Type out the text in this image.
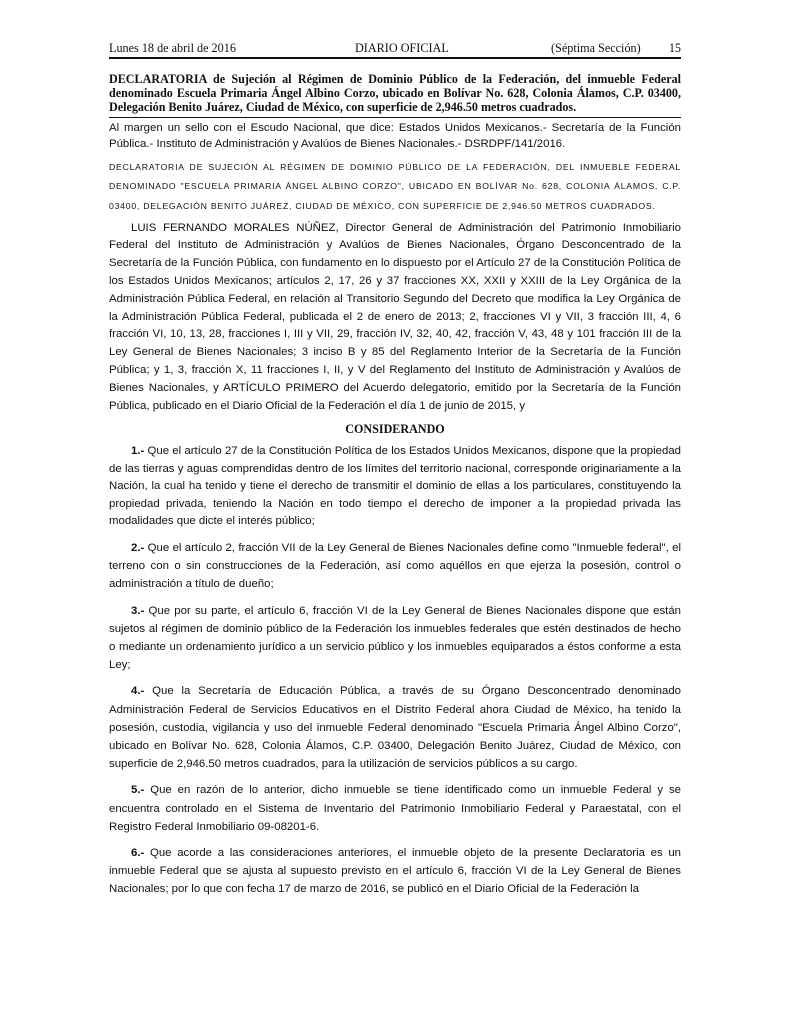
Lunes 18 de abril de 2016	DIARIO OFICIAL	(Séptima Sección) 15
DECLARATORIA de Sujeción al Régimen de Dominio Público de la Federación, del inmueble Federal denominado Escuela Primaria Ángel Albino Corzo, ubicado en Bolívar No. 628, Colonia Álamos, C.P. 03400, Delegación Benito Juárez, Ciudad de México, con superficie de 2,946.50 metros cuadrados.

Al margen un sello con el Escudo Nacional, que dice: Estados Unidos Mexicanos.- Secretaría de la Función Pública.- Instituto de Administración y Avalúos de Bienes Nacionales.- DSRDPF/141/2016.

DECLARATORIA DE SUJECIÓN AL RÉGIMEN DE DOMINIO PÚBLICO DE LA FEDERACIÓN, DEL INMUEBLE FEDERAL DENOMINADO "ESCUELA PRIMARIA ÁNGEL ALBINO CORZO", UBICADO EN BOLÍVAR No. 628, COLONIA ÁLAMOS, C.P. 03400, DELEGACIÓN BENITO JUÁREZ, CIUDAD DE MÉXICO, CON SUPERFICIE DE 2,946.50 METROS CUADRADOS.

LUIS FERNANDO MORALES NÚÑEZ, Director General de Administración del Patrimonio Inmobiliario Federal del Instituto de Administración y Avalúos de Bienes Nacionales, Órgano Desconcentrado de la Secretaría de la Función Pública, con fundamento en lo dispuesto por el Artículo 27 de la Constitución Política de los Estados Unidos Mexicanos; artículos 2, 17, 26 y 37 fracciones XX, XXII y XXIII de la Ley Orgánica de la Administración Pública Federal, en relación al Transitorio Segundo del Decreto que modifica la Ley Orgánica de la Administración Pública Federal, publicada el 2 de enero de 2013; 2, fracciones VI y VII, 3 fracción III, 4, 6 fracción VI, 10, 13, 28, fracciones I, III y VII, 29, fracción IV, 32, 40, 42, fracción V, 43, 48 y 101 fracción III de la Ley General de Bienes Nacionales; 3 inciso B y 85 del Reglamento Interior de la Secretaría de la Función Pública; y 1, 3, fracción X, 11 fracciones I, II, y V del Reglamento del Instituto de Administración y Avalúos de Bienes Nacionales, y ARTÍCULO PRIMERO del Acuerdo delegatorio, emitido por la Secretaría de la Función Pública, publicado en el Diario Oficial de la Federación el día 1 de junio de 2015, y

CONSIDERANDO

1.- Que el artículo 27 de la Constitución Política de los Estados Unidos Mexicanos, dispone que la propiedad de las tierras y aguas comprendidas dentro de los límites del territorio nacional, corresponde originariamente a la Nación, la cual ha tenido y tiene el derecho de transmitir el dominio de ellas a los particulares, constituyendo la propiedad privada, teniendo la Nación en todo tiempo el derecho de imponer a la propiedad privada las modalidades que dicte el interés público;

2.- Que el artículo 2, fracción VII de la Ley General de Bienes Nacionales define como "Inmueble federal", el terreno con o sin construcciones de la Federación, así como aquéllos en que ejerza la posesión, control o administración a título de dueño;

3.- Que por su parte, el artículo 6, fracción VI de la Ley General de Bienes Nacionales dispone que están sujetos al régimen de dominio público de la Federación los inmuebles federales que estén destinados de hecho o mediante un ordenamiento jurídico a un servicio público y los inmuebles equiparados a éstos conforme a esta Ley;

4.- Que la Secretaría de Educación Pública, a través de su Órgano Desconcentrado denominado Administración Federal de Servicios Educativos en el Distrito Federal ahora Ciudad de México, ha tenido la posesión, custodia, vigilancia y uso del inmueble Federal denominado "Escuela Primaria Ángel Albino Corzo", ubicado en Bolívar No. 628, Colonia Álamos, C.P. 03400, Delegación Benito Juárez, Ciudad de México, con superficie de 2,946.50 metros cuadrados, para la utilización de servicios públicos a su cargo.

5.- Que en razón de lo anterior, dicho inmueble se tiene identificado como un inmueble Federal y se encuentra controlado en el Sistema de Inventario del Patrimonio Inmobiliario Federal y Paraestatal, con el Registro Federal Inmobiliario 09-08201-6.

6.- Que acorde a las consideraciones anteriores, el inmueble objeto de la presente Declaratoria es un inmueble Federal que se ajusta al supuesto previsto en el artículo 6, fracción VI de la Ley General de Bienes Nacionales; por lo que con fecha 17 de marzo de 2016, se publicó en el Diario Oficial de la Federación la
